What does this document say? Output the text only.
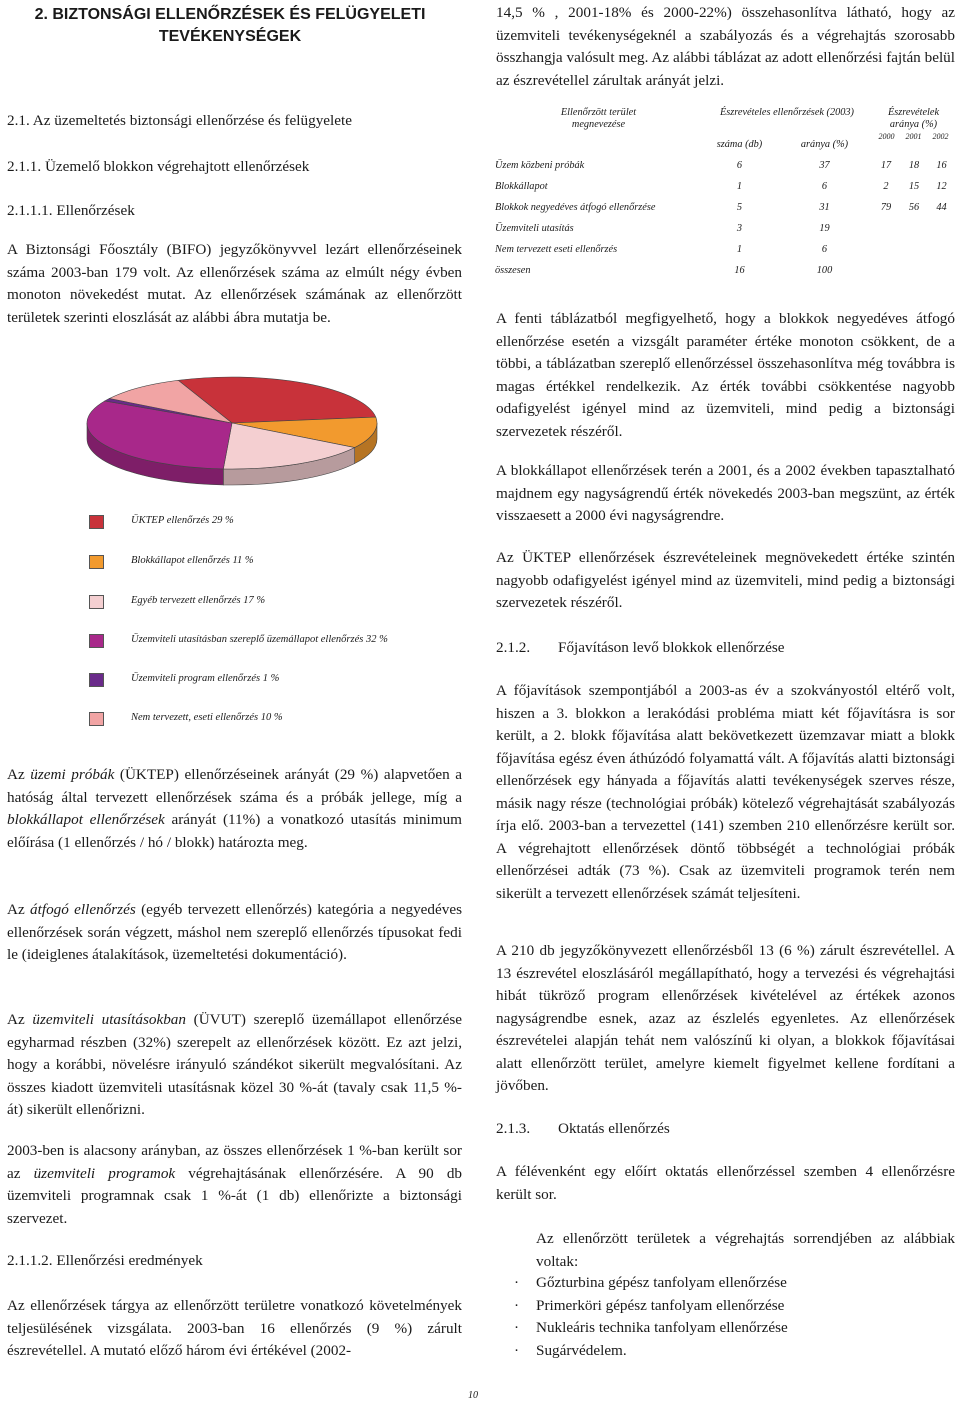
2. BIZTONSÁGI ELLENŐRZÉSEK ÉS FELÜGYELETI

TEVÉKENYSÉGEK

2.1. Az üzemeltetés biztonsági ellenőrzése és felügyelete

2.1.1. Üzemelő blokkon végrehajtott ellenőrzések

2.1.1.1. Ellenőrzések

A Biztonsági Főosztály (BIFO) jegyzőkönyvvel lezárt ellenőrzéseinek száma 2003-ban 179 volt. Az ellenőrzések száma az elmúlt négy évben monoton növekedést mutat. Az ellenőrzések számának az ellenőrzött területek szerinti eloszlását az alábbi ábra mutatja be.

ÜKTEP ellenőrzés 29 %
Blokkállapot ellenőrzés 11 %
Egyéb tervezett ellenőrzés 17 %
Üzemviteli utasításban szereplő üzemállapot ellenőrzés 32 %
Üzemviteli program ellenőrzés 1 %
Nem tervezett, eseti ellenőrzés 10 %

Az üzemi próbák (ÜKTEP) ellenőrzéseinek arányát (29 %) alapvetően a hatóság által tervezett ellenőrzések száma és a próbák jellege, míg a blokkállapot ellenőrzések arányát (11%) a vonatkozó utasítás minimum előírása (1 ellenőrzés / hó / blokk) határozta meg.

Az átfogó ellenőrzés (egyéb tervezett ellenőrzés) kategória a negyedéves ellenőrzések során végzett, máshol nem szereplő ellenőrzés típusokat fedi le (ideiglenes átalakítások, üzemeltetési dokumentáció).

Az üzemviteli utasításokban (ÜVUT) szereplő üzemállapot ellenőrzése egyharmad részben (32%) szerepelt az ellenőrzések között. Ez azt jelzi, hogy a korábbi, növelésre irányuló szándékot sikerült megvalósítani. Az összes kiadott üzemviteli utasításnak közel 30 %-át (tavaly csak 11,5 %-át) sikerült ellenőrizni.

2003-ben is alacsony arányban, az összes ellenőrzések 1 %-ban került sor az üzemviteli programok végrehajtásának ellenőrzésére. A 90 db üzemviteli programnak csak 1 %-át (1 db) ellenőrizte a biztonsági szervezet.

2.1.1.2. Ellenőrzési eredmények

Az ellenőrzések tárgya az ellenőrzött területre vonatkozó követelmények teljesülésének vizsgálata. 2003-ban 16 ellenőrzés (9 %) zárult észrevétellel. A mutató előző három évi értékével (2002-

14,5 % , 2001-18% és 2000-22%) összehasonlítva látható, hogy az üzemviteli tevékenységeknél a szabályozás és a végrehajtás szorosabb összhangja valósult meg. Az alábbi táblázat az adott ellenőrzési fajtán belül az észrevétellel zárultak arányát jelzi.

Ellenőrzött terület
megnevezése	Észrevételes ellenőrzések (2003)		Észrevételek
aránya (%)
2000 2001 2002		
	száma (db)	aránya (%)			
Üzem közbeni próbák	6	37	17	18	16
Blokkállapot	1	6	2	15	12
Blokkok negyedéves átfogó ellenőrzése	5	31	79	56	44
Üzemviteli utasítás	3	19			
Nem tervezett eseti ellenőrzés	1	6			
összesen	16	100			

A fenti táblázatból megfigyelhető, hogy a blokkok negyedéves átfogó ellenőrzése esetén a vizsgált paraméter értéke monoton csökkent, de a többi, a táblázatban szereplő ellenőrzéssel összehasonlítva még továbbra is magas értékkel rendelkezik. Az érték további csökkentése nagyobb odafigyelést igényel mind az üzemviteli, mind pedig a biztonsági szervezetek részéről.

A blokkállapot ellenőrzések terén a 2001, és a 2002 években tapasztalható majdnem egy nagyságrendű érték növekedés 2003-ban megszünt, az érték visszaesett a 2000 évi nagyságrendre.

Az ÜKTEP ellenőrzések észrevételeinek megnövekedett értéke szintén nagyobb odafigyelést igényel mind az üzemviteli, mind pedig a biztonsági szervezetek részéről.

2.1.2. Főjavításon levő blokkok ellenőrzése

A főjavítások szempontjából a 2003-as év a szokványostól eltérő volt, hiszen a 3. blokkon a lerakódási probléma miatt két főjavításra is sor került, a 2. blokk főjavítása alatt bekövetkezett üzemzavar miatt a blokk főjavítása egész éven áthúzódó folyamattá vált. A főjavítás alatti biztonsági ellenőrzések egy hányada a főjavítás alatti tevékenységek szerves része, másik nagy része (technológiai próbák) kötelező végrehajtását szabályozás írja elő. 2003-ban a tervezettel (141) szemben 210 ellenőrzésre került sor. A végrehajtott ellenőrzések döntő többségét a technológiai próbák ellenőrzései adták (73 %). Csak az üzemviteli programok terén nem sikerült a tervezett ellenőrzések számát teljesíteni.

A 210 db jegyzőkönyvezett ellenőrzésből 13 (6 %) zárult észrevétellel. A 13 észrevétel eloszlásáról megállapítható, hogy a tervezési és végrehajtási hibát tükröző program ellenőrzések kivételével az értékek azonos nagyságrendbe esnek, azaz az észlelés egyenletes. Az ellenőrzések észrevételei alapján tehát nem valószínű ki olyan, a blokkok főjavításai alatt ellenőrzött terület, amelyre kiemelt figyelmet kellene fordítani a jövőben.

2.1.3. Oktatás ellenőrzés

A félévenként egy előírt oktatás ellenőrzéssel szemben 4 ellenőrzésre került sor.

Az ellenőrzött területek a végrehajtás sorrendjében az alábbiak voltak:

· Gőzturbina gépész tanfolyam ellenőrzése
· Primerköri gépész tanfolyam ellenőrzése
· Nukleáris technika tanfolyam ellenőrzése
· Sugárvédelem.
10
